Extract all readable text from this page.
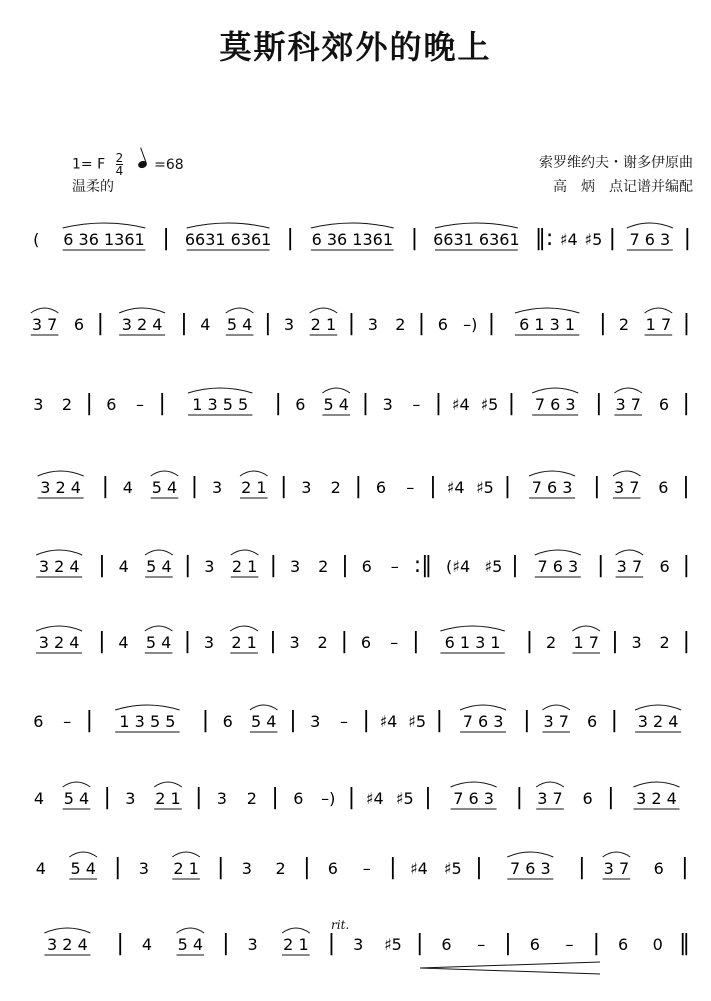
莫斯科郊外的晚上
1= F $\frac{2}{4} =68$
温柔的
索罗维约夫・谢多伊原曲
高　炳　点记谱并编配
rit.
( 6 36 1361 | 6631 6361 | 6 36 1361 | 6631 6361 ‖: ♯4 ♯5 | 7 6 3 |
3 7 6 | 3 2 4 | 4 5 4 | 3 2 1 | 3 2 | 6 –) | 6 1 3 1 | 2 1 7 |
3 2 | 6 – | 1 3 5 5 | 6 5 4 | 3 – | ♯4 ♯5 | 7 6 3 | 3 7 6 |
3 2 4 | 4 5 4 | 3 2 1 | 3 2 | 6 – | ♯4 ♯5 | 7 6 3 | 3 7 6 |
3 2 4 | 4 5 4 | 3 2 1 | 3 2 | 6 – :‖ (♯4 ♯5 | 7 6 3 | 3 7 6 |
3 2 4 | 4 5 4 | 3 2 1 | 3 2 | 6 – | 6 1 3 1 | 2 1 7 | 3 2 |
6 – | 1 3 5 5 | 6 5 4 | 3 – | ♯4 ♯5 | 7 6 3 | 3 7 6 | 3 2 4
4 5 4 | 3 2 1 | 3 2 | 6 –) | ♯4 ♯5 | 7 6 3 | 3 7 6 | 3 2 4
4 5 4 | 3 2 1 | 3 2 | 6 – | ♯4 ♯5 | 7 6 3 | 3 7 6 |
3 2 4 | 4 5 4 | 3 2 1 | 3 ♯5 | 6 – | 6 – | 6 0 ‖
